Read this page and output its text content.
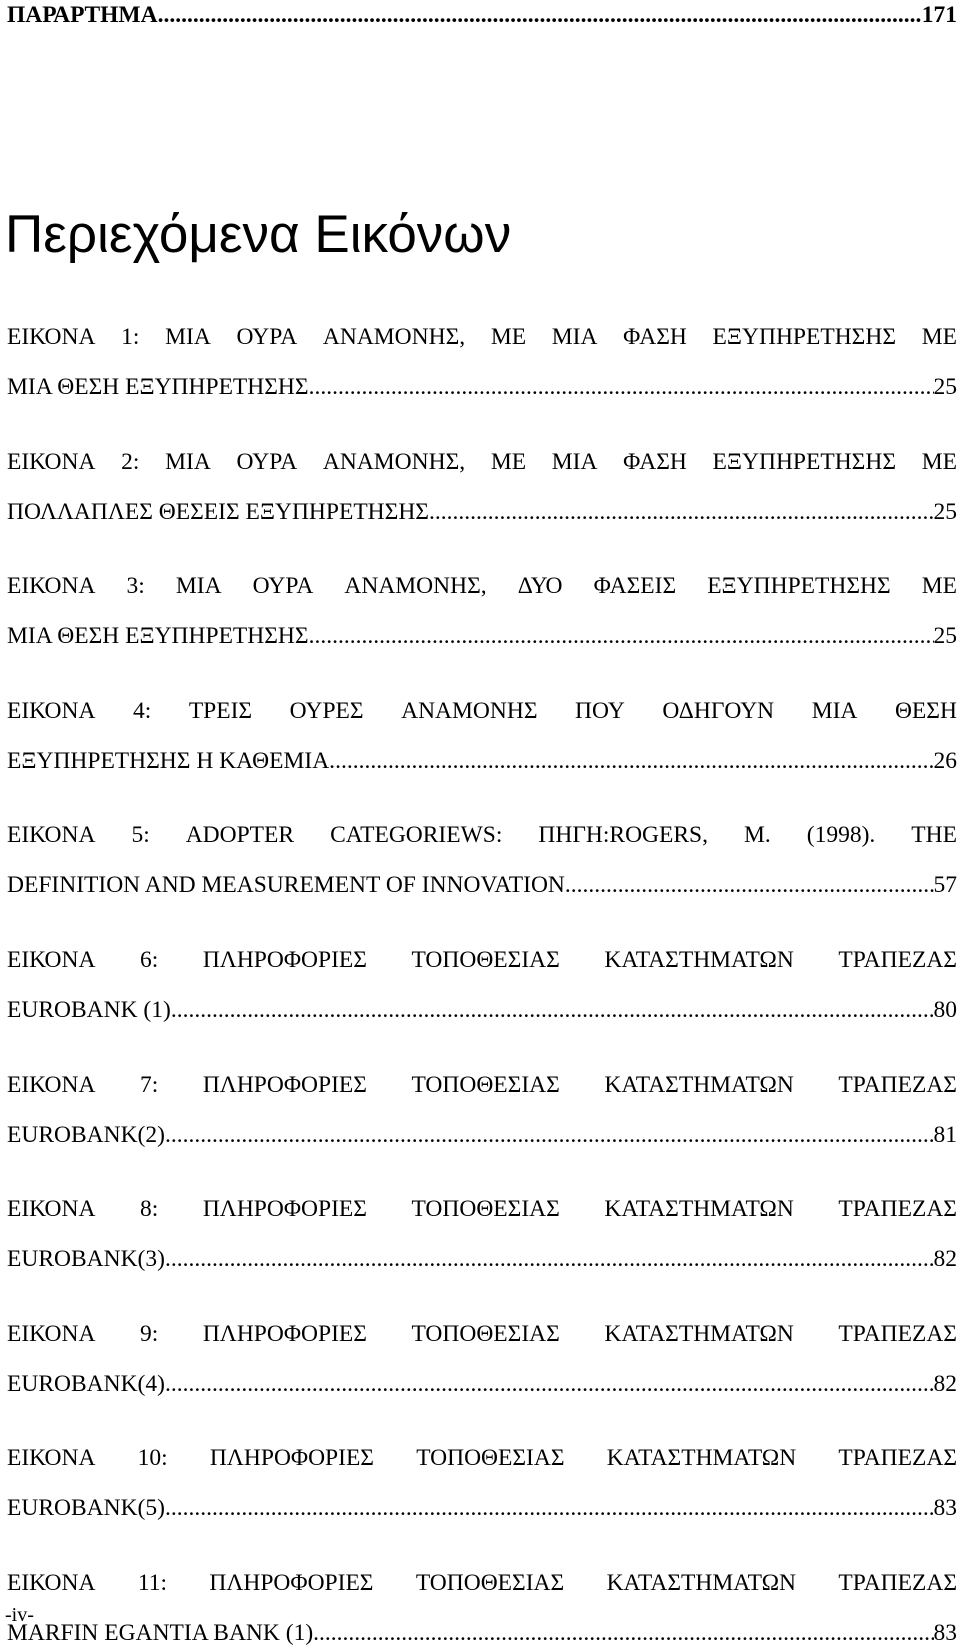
ΠΑΡΑΡΤΗΜΑ .....	171
Περιεχόμενα Εικόνων
ΕΙΚΟΝΑ 1: ΜΙΑ ΟΥΡΑ ΑΝΑΜΟΝΗΣ, ΜΕ ΜΙΑ ΦΑΣΗ ΕΞΥΠΗΡΕΤΗΣΗΣ ΜΕ
ΜΙΑ ΘΕΣΗ ΕΞΥΠΗΡΕΤΗΣΗΣ. .....	25
ΕΙΚΟΝΑ 2: ΜΙΑ ΟΥΡΑ ΑΝΑΜΟΝΗΣ, ΜΕ ΜΙΑ ΦΑΣΗ ΕΞΥΠΗΡΕΤΗΣΗΣ ΜΕ
ΠΟΛΛΑΠΛΕΣ ΘΕΣΕΙΣ ΕΞΥΠΗΡΕΤΗΣΗΣ. .....	25
ΕΙΚΟΝΑ 3: ΜΙΑ ΟΥΡΑ ΑΝΑΜΟΝΗΣ, ΔΥΟ ΦΑΣΕΙΣ ΕΞΥΠΗΡΕΤΗΣΗΣ ΜΕ
ΜΙΑ ΘΕΣΗ ΕΞΥΠΗΡΕΤΗΣΗΣ. .....	25
ΕΙΚΟΝΑ 4: ΤΡΕΙΣ ΟΥΡΕΣ ΑΝΑΜΟΝΗΣ ΠΟΥ ΟΔΗΓΟΥΝ ΜΙΑ ΘΕΣΗ
ΕΞΥΠΗΡΕΤΗΣΗΣ Η ΚΑΘΕΜΙΑ. .....	26
ΕΙΚΟΝΑ 5: ADOPTER CATEGORIEWS: ΠΗΓΗ:ROGERS, M. (1998). THE
DEFINITION AND MEASUREMENT OF INNOVATION .....	57
ΕΙΚΟΝΑ 6: ΠΛΗΡΟΦΟΡΙΕΣ ΤΟΠΟΘΕΣΙΑΣ ΚΑΤΑΣΤΗΜΑΤΩΝ ΤΡΑΠΕΖΑΣ
EUROBANK (1). .....	80
ΕΙΚΟΝΑ 7: ΠΛΗΡΟΦΟΡΙΕΣ ΤΟΠΟΘΕΣΙΑΣ ΚΑΤΑΣΤΗΜΑΤΩΝ ΤΡΑΠΕΖΑΣ
EUROBANK(2) .....	81
ΕΙΚΟΝΑ 8: ΠΛΗΡΟΦΟΡΙΕΣ ΤΟΠΟΘΕΣΙΑΣ ΚΑΤΑΣΤΗΜΑΤΩΝ ΤΡΑΠΕΖΑΣ
EUROBANK(3). .....	82
ΕΙΚΟΝΑ 9: ΠΛΗΡΟΦΟΡΙΕΣ ΤΟΠΟΘΕΣΙΑΣ ΚΑΤΑΣΤΗΜΑΤΩΝ ΤΡΑΠΕΖΑΣ
EUROBANK(4). .....	82
ΕΙΚΟΝΑ 10: ΠΛΗΡΟΦΟΡΙΕΣ ΤΟΠΟΘΕΣΙΑΣ ΚΑΤΑΣΤΗΜΑΤΩΝ ΤΡΑΠΕΖΑΣ
EUROBANK(5). .....	83
ΕΙΚΟΝΑ 11: ΠΛΗΡΟΦΟΡΙΕΣ ΤΟΠΟΘΕΣΙΑΣ ΚΑΤΑΣΤΗΜΑΤΩΝ ΤΡΑΠΕΖΑΣ
MARFIN EGANTIA BANK (1). .....	83
-iv-
